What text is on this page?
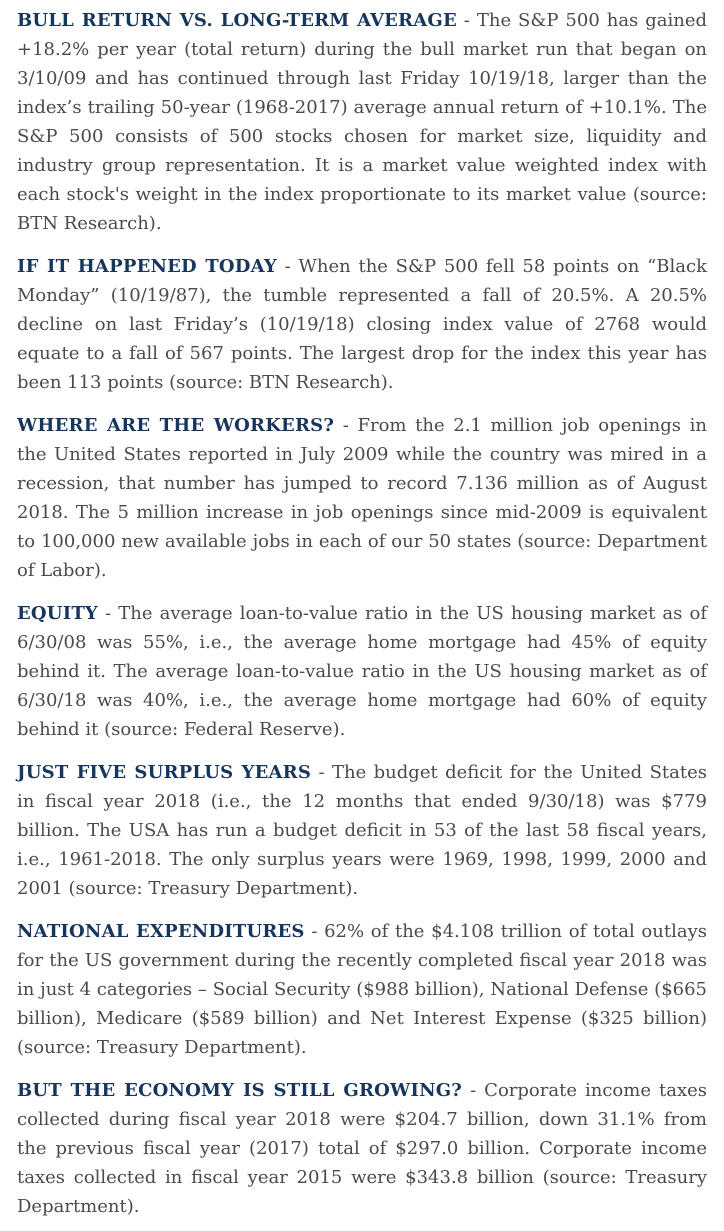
BULL RETURN VS. LONG-TERM AVERAGE - The S&P 500 has gained +18.2% per year (total return) during the bull market run that began on 3/10/09 and has continued through last Friday 10/19/18, larger than the index’s trailing 50-year (1968-2017) average annual return of +10.1%. The S&P 500 consists of 500 stocks chosen for market size, liquidity and industry group representation. It is a market value weighted index with each stock's weight in the index proportionate to its market value (source: BTN Research).

IF IT HAPPENED TODAY - When the S&P 500 fell 58 points on “Black Monday” (10/19/87), the tumble represented a fall of 20.5%. A 20.5% decline on last Friday’s (10/19/18) closing index value of 2768 would equate to a fall of 567 points. The largest drop for the index this year has been 113 points (source: BTN Research).

WHERE ARE THE WORKERS? - From the 2.1 million job openings in the United States reported in July 2009 while the country was mired in a recession, that number has jumped to record 7.136 million as of August 2018. The 5 million increase in job openings since mid-2009 is equivalent to 100,000 new available jobs in each of our 50 states (source: Department of Labor).

EQUITY - The average loan-to-value ratio in the US housing market as of 6/30/08 was 55%, i.e., the average home mortgage had 45% of equity behind it. The average loan-to-value ratio in the US housing market as of 6/30/18 was 40%, i.e., the average home mortgage had 60% of equity behind it (source: Federal Reserve).

JUST FIVE SURPLUS YEARS - The budget deficit for the United States in fiscal year 2018 (i.e., the 12 months that ended 9/30/18) was $779 billion. The USA has run a budget deficit in 53 of the last 58 fiscal years, i.e., 1961-2018. The only surplus years were 1969, 1998, 1999, 2000 and 2001 (source: Treasury Department).

NATIONAL EXPENDITURES - 62% of the $4.108 trillion of total outlays for the US government during the recently completed fiscal year 2018 was in just 4 categories – Social Security ($988 billion), National Defense ($665 billion), Medicare ($589 billion) and Net Interest Expense ($325 billion) (source: Treasury Department).

BUT THE ECONOMY IS STILL GROWING? - Corporate income taxes collected during fiscal year 2018 were $204.7 billion, down 31.1% from the previous fiscal year (2017) total of $297.0 billion. Corporate income taxes collected in fiscal year 2015 were $343.8 billion (source: Treasury Department).
